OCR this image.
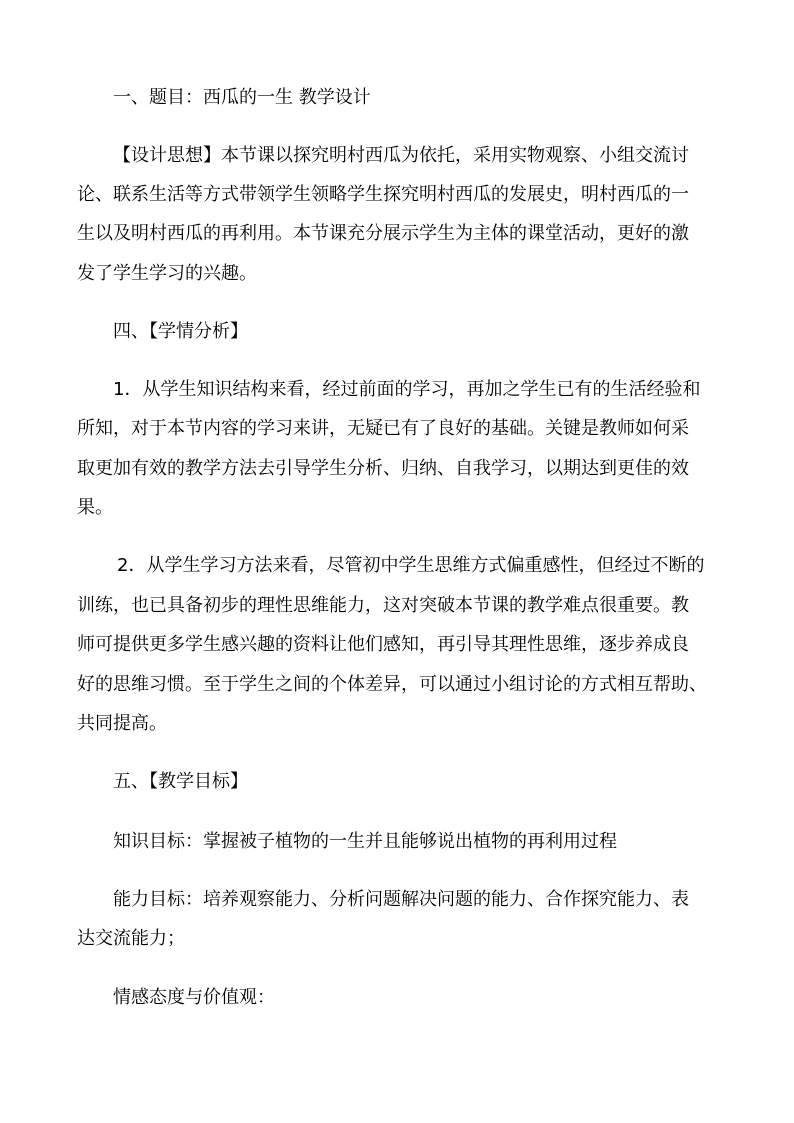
一、题目：西瓜的一生 教学设计

【设计思想】本节课以探究明村西瓜为依托，采用实物观察、小组交流讨

论、联系生活等方式带领学生领略学生探究明村西瓜的发展史，明村西瓜的一

生以及明村西瓜的再利用。本节课充分展示学生为主体的课堂活动，更好的激

发了学生学习的兴趣。

四、【学情分析】

1．从学生知识结构来看，经过前面的学习，再加之学生已有的生活经验和

所知，对于本节内容的学习来讲，无疑已有了良好的基础。关键是教师如何采

取更加有效的教学方法去引导学生分析、归纳、自我学习，以期达到更佳的效

果。

2．从学生学习方法来看，尽管初中学生思维方式偏重感性，但经过不断的

训练，也已具备初步的理性思维能力，这对突破本节课的教学难点很重要。教

师可提供更多学生感兴趣的资料让他们感知，再引导其理性思维，逐步养成良

好的思维习惯。至于学生之间的个体差异，可以通过小组讨论的方式相互帮助、

共同提高。

五、【教学目标】

知识目标：掌握被子植物的一生并且能够说出植物的再利用过程

能力目标：培养观察能力、分析问题解决问题的能力、合作探究能力、表

达交流能力；

情感态度与价值观：
